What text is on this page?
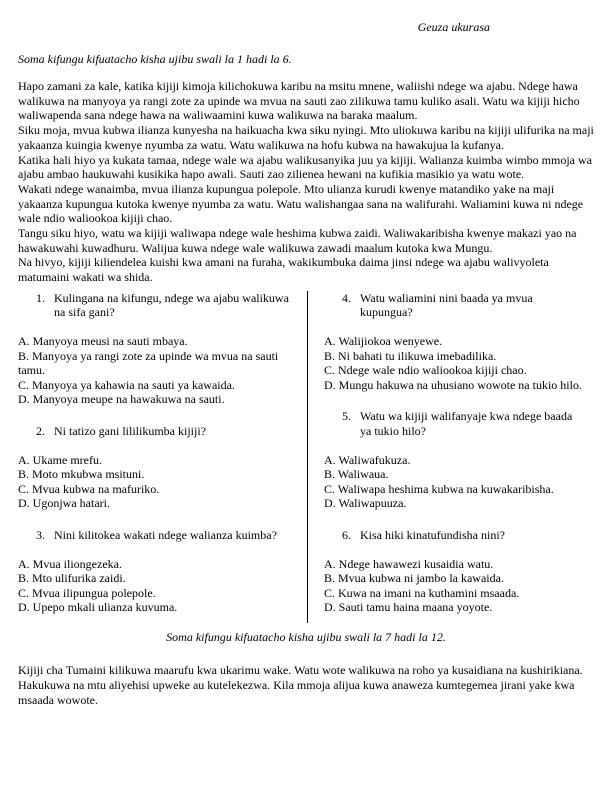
Geuza ukurasa
Soma kifungu kifuatacho kisha ujibu swali la 1 hadi la 6.

Hapo zamani za kale, katika kijiji kimoja kilichokuwa karibu na msitu mnene, waliishi ndege wa ajabu. Ndege hawa walikuwa na manyoya ya rangi zote za upinde wa mvua na sauti zao zilikuwa tamu kuliko asali. Watu wa kijiji hicho waliwapenda sana ndege hawa na waliwaamini kuwa walikuwa na baraka maalum.

Siku moja, mvua kubwa ilianza kunyesha na haikuacha kwa siku nyingi. Mto uliokuwa karibu na kijiji ulifurika na maji yakaanza kuingia kwenye nyumba za watu. Watu walikuwa na hofu kubwa na hawakujua la kufanya.

Katika hali hiyo ya kukata tamaa, ndege wale wa ajabu walikusanyika juu ya kijiji. Walianza kuimba wimbo mmoja wa ajabu ambao haukuwahi kusikika hapo awali. Sauti zao zilienea hewani na kufikia masikio ya watu wote.

Wakati ndege wanaimba, mvua ilianza kupungua polepole. Mto ulianza kurudi kwenye matandiko yake na maji yakaanza kupungua kutoka kwenye nyumba za watu. Watu walishangaa sana na walifurahi. Waliamini kuwa ni ndege wale ndio waliookoa kijiji chao.

Tangu siku hiyo, watu wa kijiji waliwapa ndege wale heshima kubwa zaidi. Waliwakaribisha kwenye makazi yao na hawakuwahi kuwadhuru. Walijua kuwa ndege wale walikuwa zawadi maalum kutoka kwa Mungu.

Na hivyo, kijiji kiliendelea kuishi kwa amani na furaha, wakikumbuka daima jinsi ndege wa ajabu walivyoleta matumaini wakati wa shida.

1. Kulingana na kifungu, ndege wa ajabu walikuwa na sifa gani?
A. Manyoya meusi na sauti mbaya.
B. Manyoya ya rangi zote za upinde wa mvua na sauti tamu.
C. Manyoya ya kahawia na sauti ya kawaida.
D. Manyoya meupe na hawakuwa na sauti.
2. Ni tatizo gani lililikumba kijiji?
A. Ukame mrefu.
B. Moto mkubwa msituni.
C. Mvua kubwa na mafuriko.
D. Ugonjwa hatari.
3. Nini kilitokea wakati ndege walianza kuimba?
A. Mvua iliongezeka.
B. Mto ulifurika zaidi.
C. Mvua ilipungua polepole.
D. Upepo mkali ulianza kuvuma.
4. Watu waliamini nini baada ya mvua kupungua?
A. Walijiokoa wenyewe.
B. Ni bahati tu ilikuwa imebadilika.
C. Ndege wale ndio waliookoa kijiji chao.
D. Mungu hakuwa na uhusiano wowote na tukio hilo.
5. Watu wa kijiji walifanyaje kwa ndege baada ya tukio hilo?
A. Waliwafukuza.
B. Waliwaua.
C. Waliwapa heshima kubwa na kuwakaribisha.
D. Waliwapuuza.
6. Kisa hiki kinatufundisha nini?
A. Ndege hawawezi kusaidia watu.
B. Mvua kubwa ni jambo la kawaida.
C. Kuwa na imani na kuthamini msaada.
D. Sauti tamu haina maana yoyote.
Soma kifungu kifuatacho kisha ujibu swali la 7 hadi la 12.

Kijiji cha Tumaini kilikuwa maarufu kwa ukarimu wake. Watu wote walikuwa na roho ya kusaidiana na kushirikiana. Hakukuwa na mtu aliyehisi upweke au kutelekezwa. Kila mmoja alijua kuwa anaweza kumtegemea jirani yake kwa msaada wowote.
